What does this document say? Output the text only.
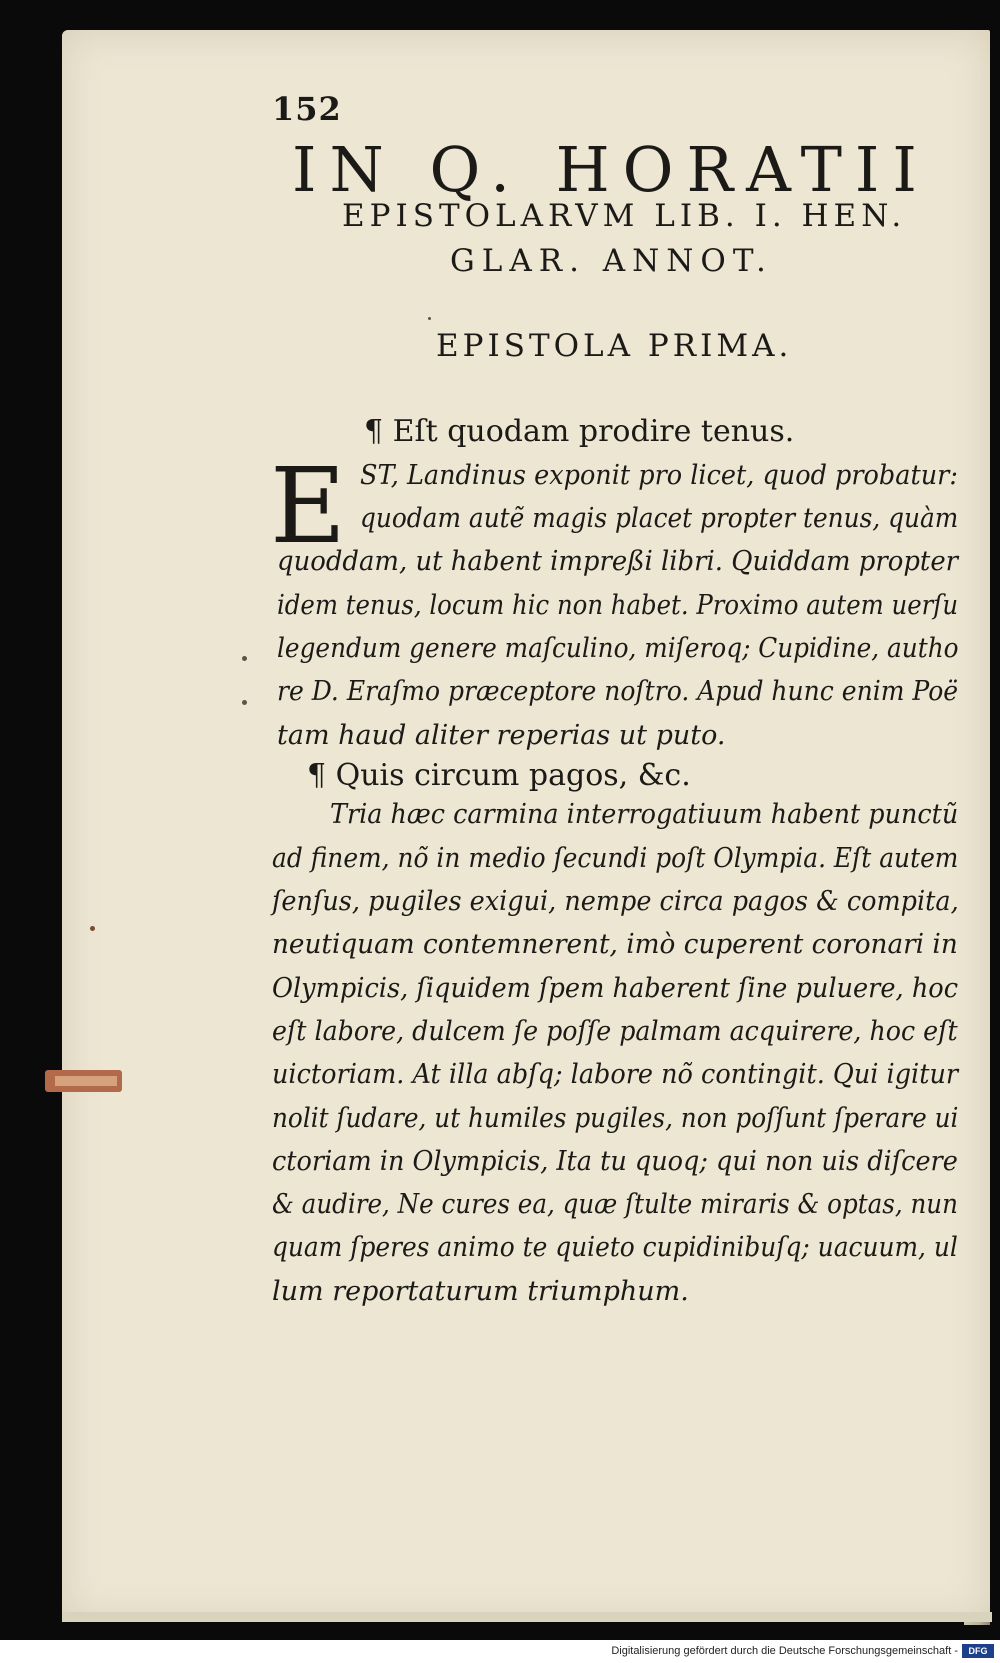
152
IN Q. HORATII
EPISTOLARVM LIB. I. HEN.
GLAR. ANNOT.
EPISTOLA PRIMA.
¶ Eſt quodam prodire tenus.
E ST, Landinus exponit pro licet, quod probatur:
quodam autẽ magis placet propter tenus, quàm
quoddam, ut habent impreßi libri. Quiddam propter
idem tenus, locum hic non habet. Proximo autem uerſu
legendum genere maſculino, miſeroq; Cupidine, autho
re D. Eraſmo præceptore noſtro. Apud hunc enim Poë
tam haud aliter reperias ut puto.
¶ Quis circum pagos, &c.
Tria hæc carmina interrogatiuum habent punctũ
ad finem, nõ in medio ſecundi poſt Olympia. Eſt autem
ſenſus, pugiles exigui, nempe circa pagos & compita,
neutiquam contemnerent, imò cuperent coronari in
Olympicis, ſiquidem ſpem haberent ſine puluere, hoc
eſt labore, dulcem ſe poſſe palmam acquirere, hoc eſt
uictoriam. At illa abſq; labore nõ contingit. Qui igitur
nolit ſudare, ut humiles pugiles, non poſſunt ſperare ui
ctoriam in Olympicis, Ita tu quoq; qui non uis diſcere
& audire, Ne cures ea, quæ ſtulte miraris & optas, nun
quam ſperes animo te quieto cupidinibuſq; uacuum, ul
lum reportaturum triumphum.
Digitalisierung gefördert durch die Deutsche Forschungsgemeinschaft -	DFG
